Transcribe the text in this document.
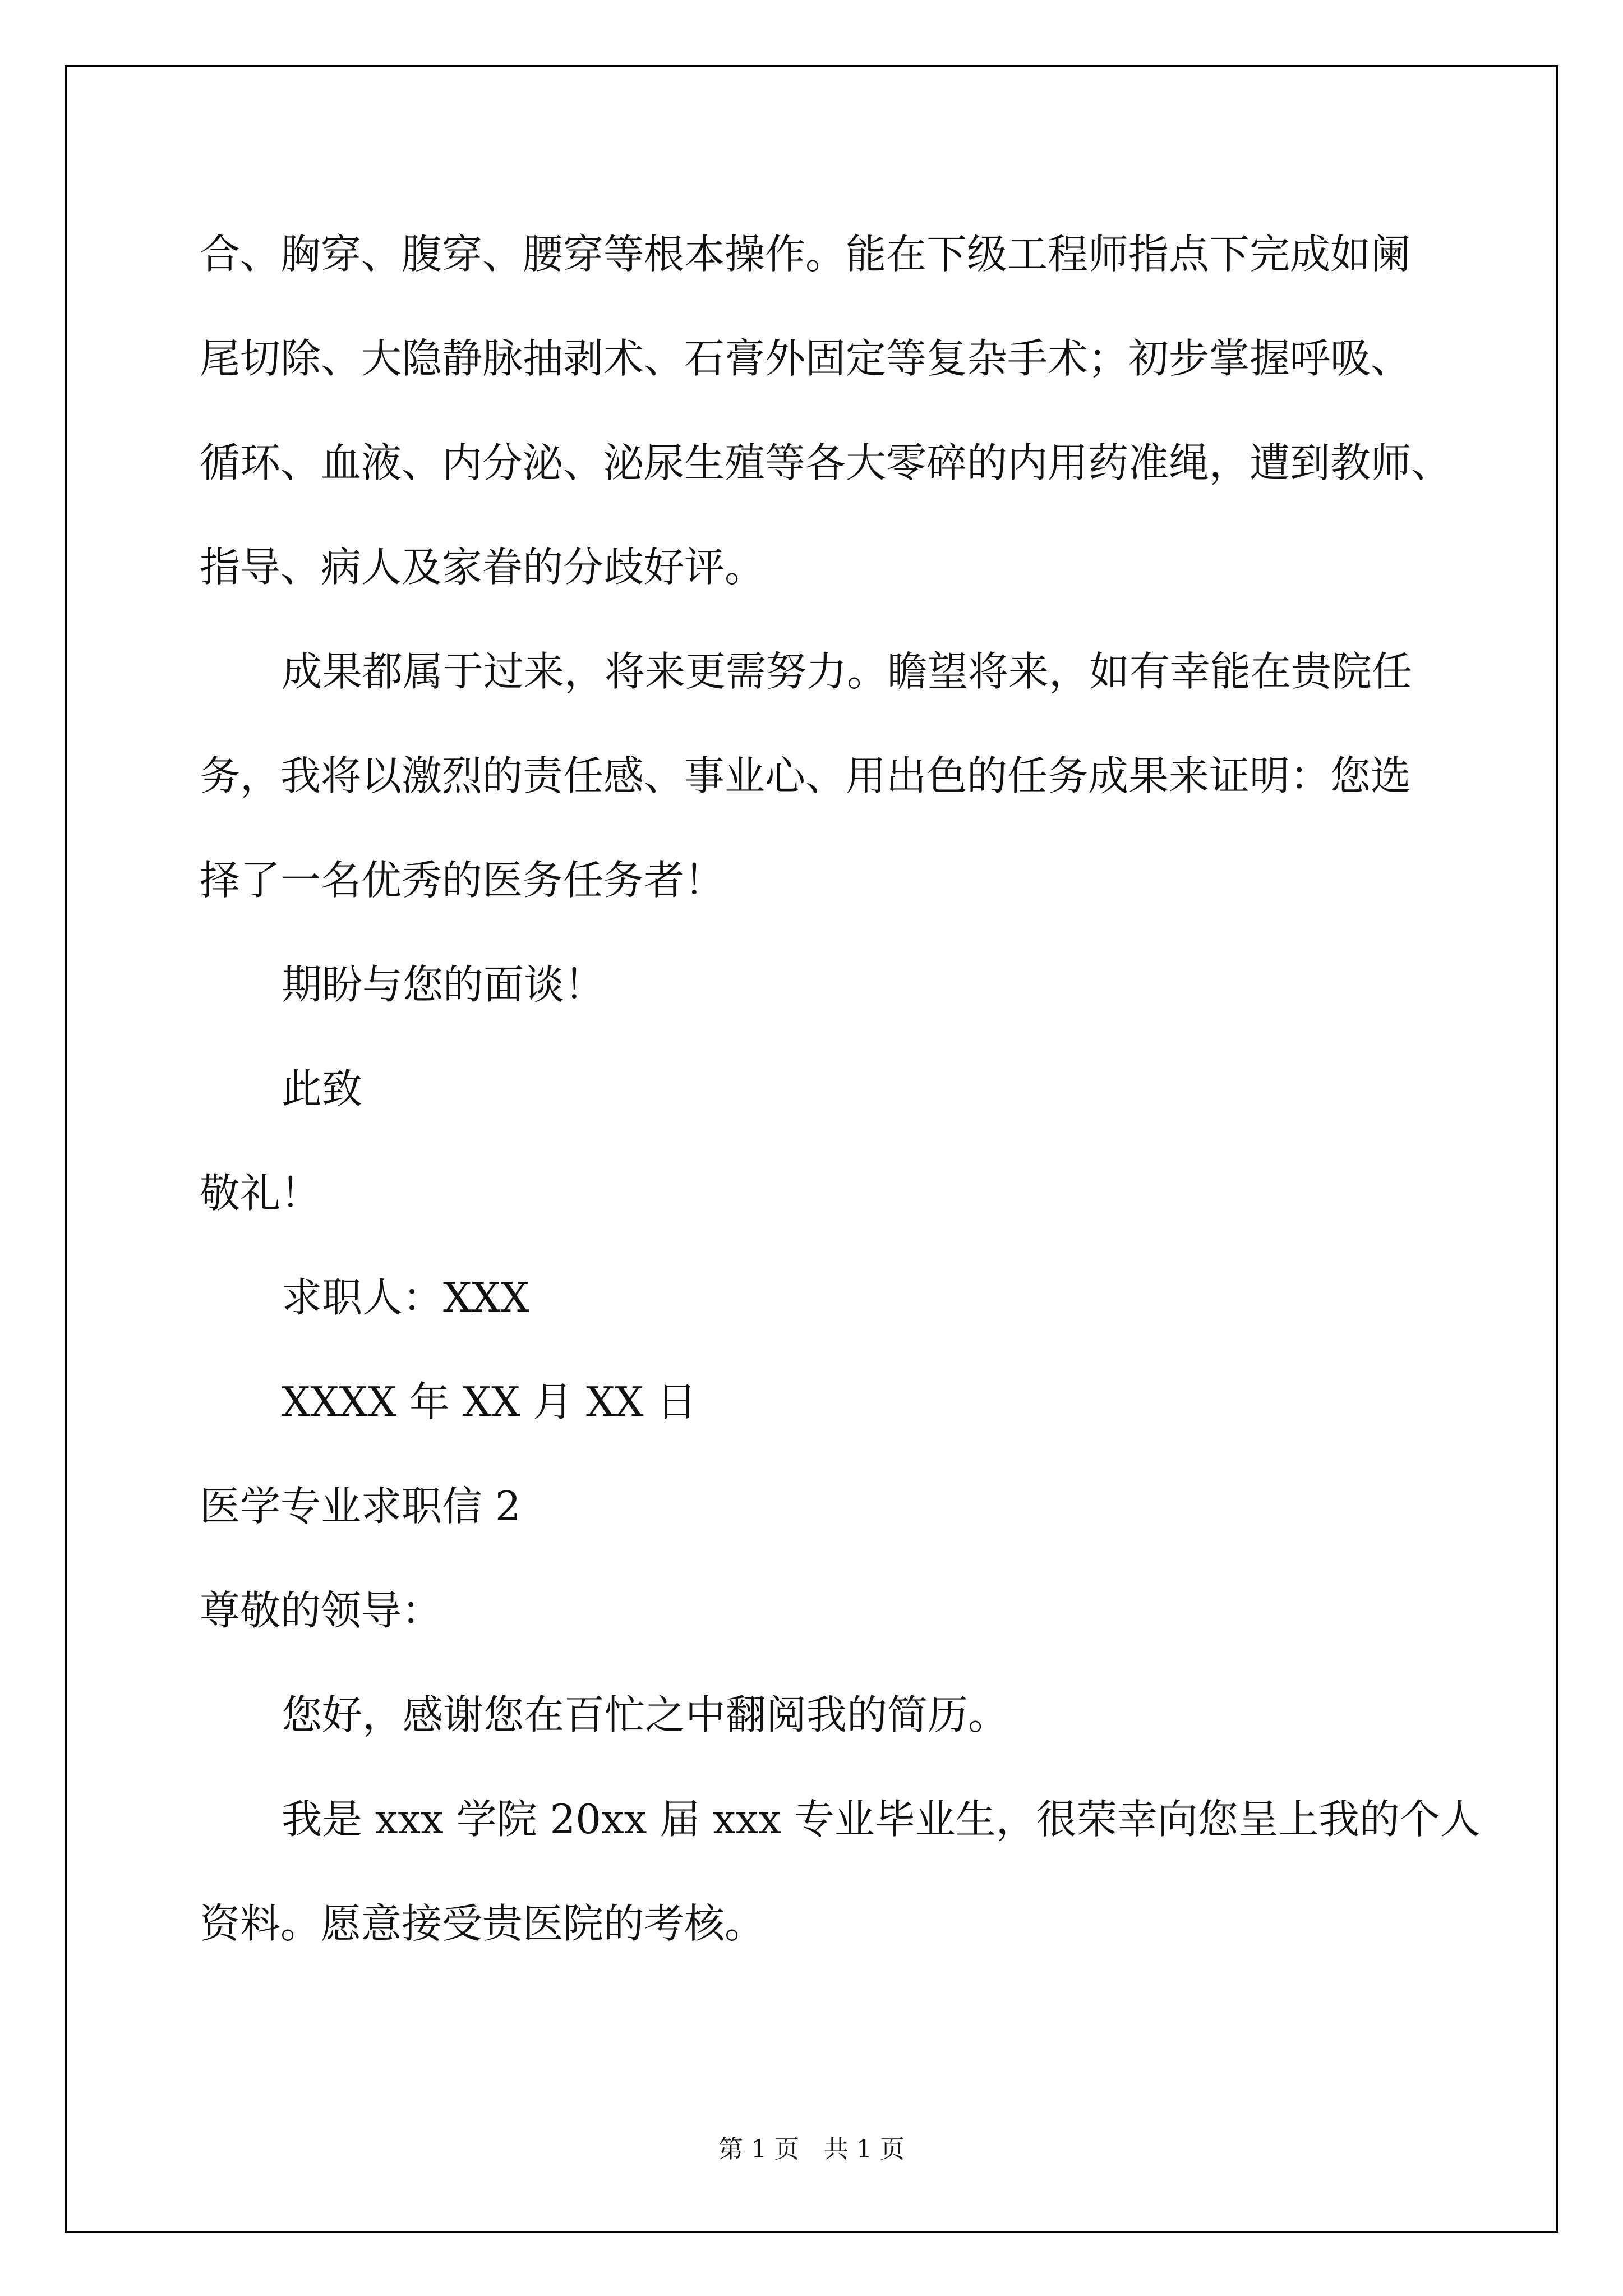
合、胸穿、腹穿、腰穿等根本操作。能在下级工程师指点下完成如阑
尾切除、大隐静脉抽剥术、石膏外固定等复杂手术；初步掌握呼吸、
循环、血液、内分泌、泌尿生殖等各大零碎的内用药准绳，遭到教师、
指导、病人及家眷的分歧好评。
成果都属于过来，将来更需努力。瞻望将来，如有幸能在贵院任
务，我将以激烈的责任感、事业心、用出色的任务成果来证明：您选
择了一名优秀的医务任务者！
期盼与您的面谈！
此致
敬礼！
求职人：XXX
XXXX 年 XX 月 XX 日
医学专业求职信 2
尊敬的领导：
您好，感谢您在百忙之中翻阅我的简历。
我是 xxx 学院 20xx 届 xxx 专业毕业生，很荣幸向您呈上我的个人
资料。愿意接受贵医院的考核。
第 1 页　共 1 页
